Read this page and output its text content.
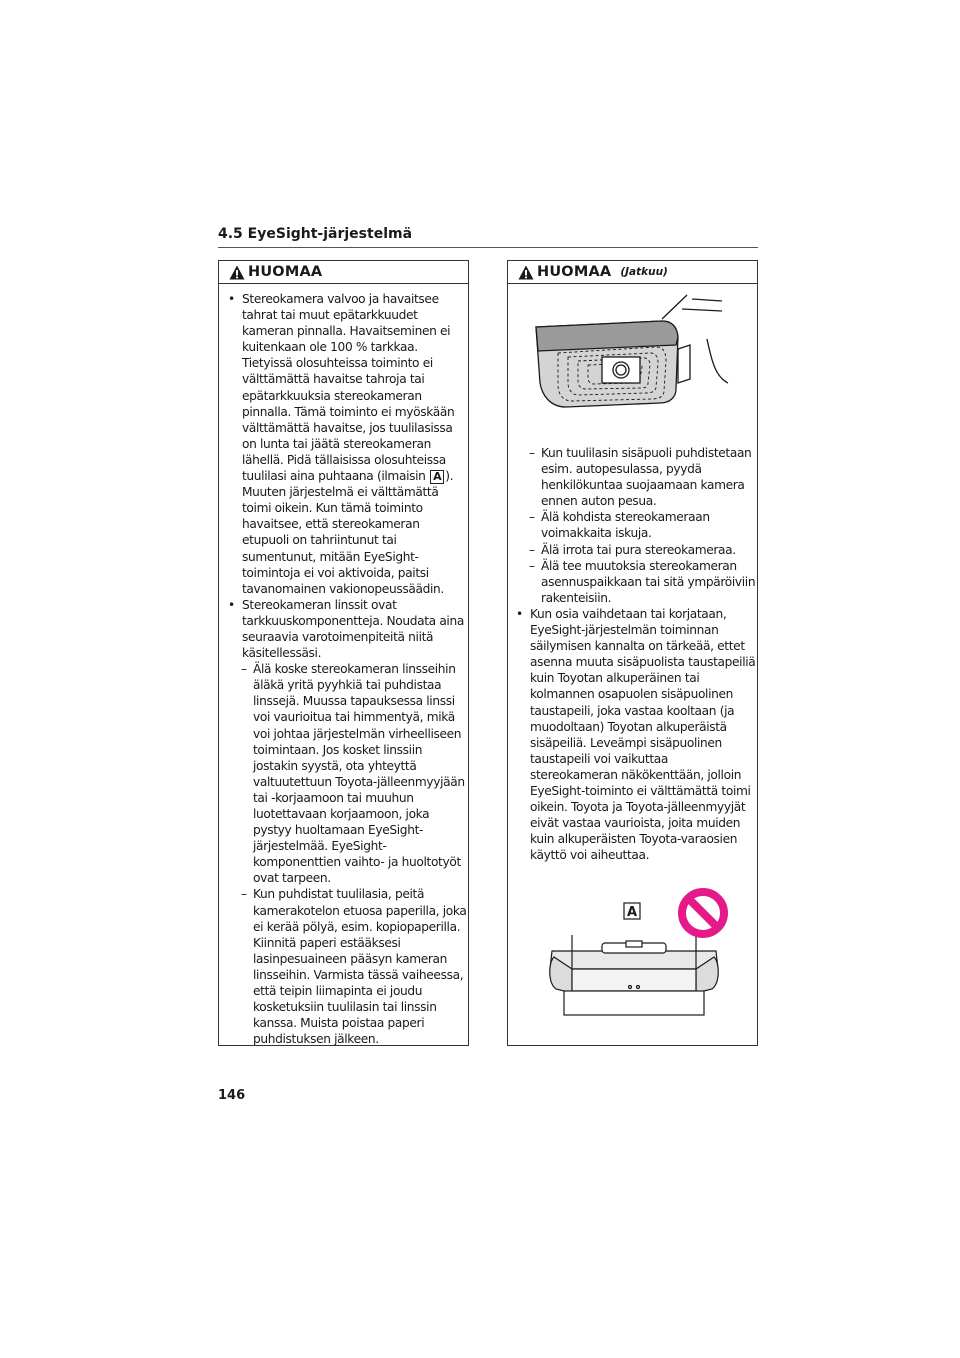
4.5 EyeSight-järjestelmä
HUOMAA

• Stereokamera valvoo ja havaitsee tahrat tai muut epätarkkuudet kameran pinnalla. Havaitseminen ei kuitenkaan ole 100 % tarkkaa. Tietyissä olosuhteissa toiminto ei välttämättä havaitse tahroja tai epätarkkuuksia stereokameran pinnalla. Tämä toiminto ei myöskään välttämättä havaitse, jos tuulilasissa on lunta tai jäätä stereokameran lähellä. Pidä tällaisissa olosuhteissa tuulilasi aina puhtaana (ilmaisin A ). Muuten järjestelmä ei välttämättä toimi oikein. Kun tämä toiminto havaitsee, että stereokameran etupuoli on tahriintunut tai sumentunut, mitään EyeSight-toimintoja ei voi aktivoida, paitsi tavanomainen vakionopeussäädin.

• Stereokameran linssit ovat tarkkuuskomponentteja. Noudata aina seuraavia varotoimenpiteitä niitä käsitellessäsi.

– Älä koske stereokameran linsseihin äläkä yritä pyyhkiä tai puhdistaa linssejä. Muussa tapauksessa linssi voi vaurioitua tai himmentyä, mikä voi johtaa järjestelmän virheelliseen toimintaan. Jos kosket linssiin jostakin syystä, ota yhteyttä valtuutettuun Toyota-jälleenmyyjään tai -korjaamoon tai muuhun luotettavaan korjaamoon, joka pystyy huoltamaan EyeSight-järjestelmää. EyeSight-komponenttien vaihto- ja huoltotyöt ovat tarpeen.

– Kun puhdistat tuulilasia, peitä kamerakotelon etuosa paperilla, joka ei kerää pölyä, esim. kopiopaperilla. Kiinnitä paperi estääksesi lasinpesuaineen pääsyn kameran linsseihin. Varmista tässä vaiheessa, että teipin liimapinta ei joudu kosketuksiin tuulilasin tai linssin kanssa. Muista poistaa paperi puhdistuksen jälkeen.

HUOMAA (Jatkuu)

– Kun tuulilasin sisäpuoli puhdistetaan esim. autopesulassa, pyydä henkilökuntaa suojaamaan kamera ennen auton pesua.

– Älä kohdista stereokameraan voimakkaita iskuja.

– Älä irrota tai pura stereokameraa.

– Älä tee muutoksia stereokameran asennuspaikkaan tai sitä ympäröiviin rakenteisiin.

• Kun osia vaihdetaan tai korjataan, EyeSight-järjestelmän toiminnan säilymisen kannalta on tärkeää, ettet asenna muuta sisäpuolista taustapeiliä kuin Toyotan alkuperäinen tai kolmannen osapuolen sisäpuolinen taustapeili, joka vastaa kooltaan (ja muodoltaan) Toyotan alkuperäistä sisäpeiliä. Leveämpi sisäpuolinen taustapeili voi vaikuttaa stereokameran näkökenttään, jolloin EyeSight-toiminto ei välttämättä toimi oikein. Toyota ja Toyota-jälleenmyyjät eivät vastaa vaurioista, joita muiden kuin alkuperäisten Toyota-varaosien käyttö voi aiheuttaa.

A
146
